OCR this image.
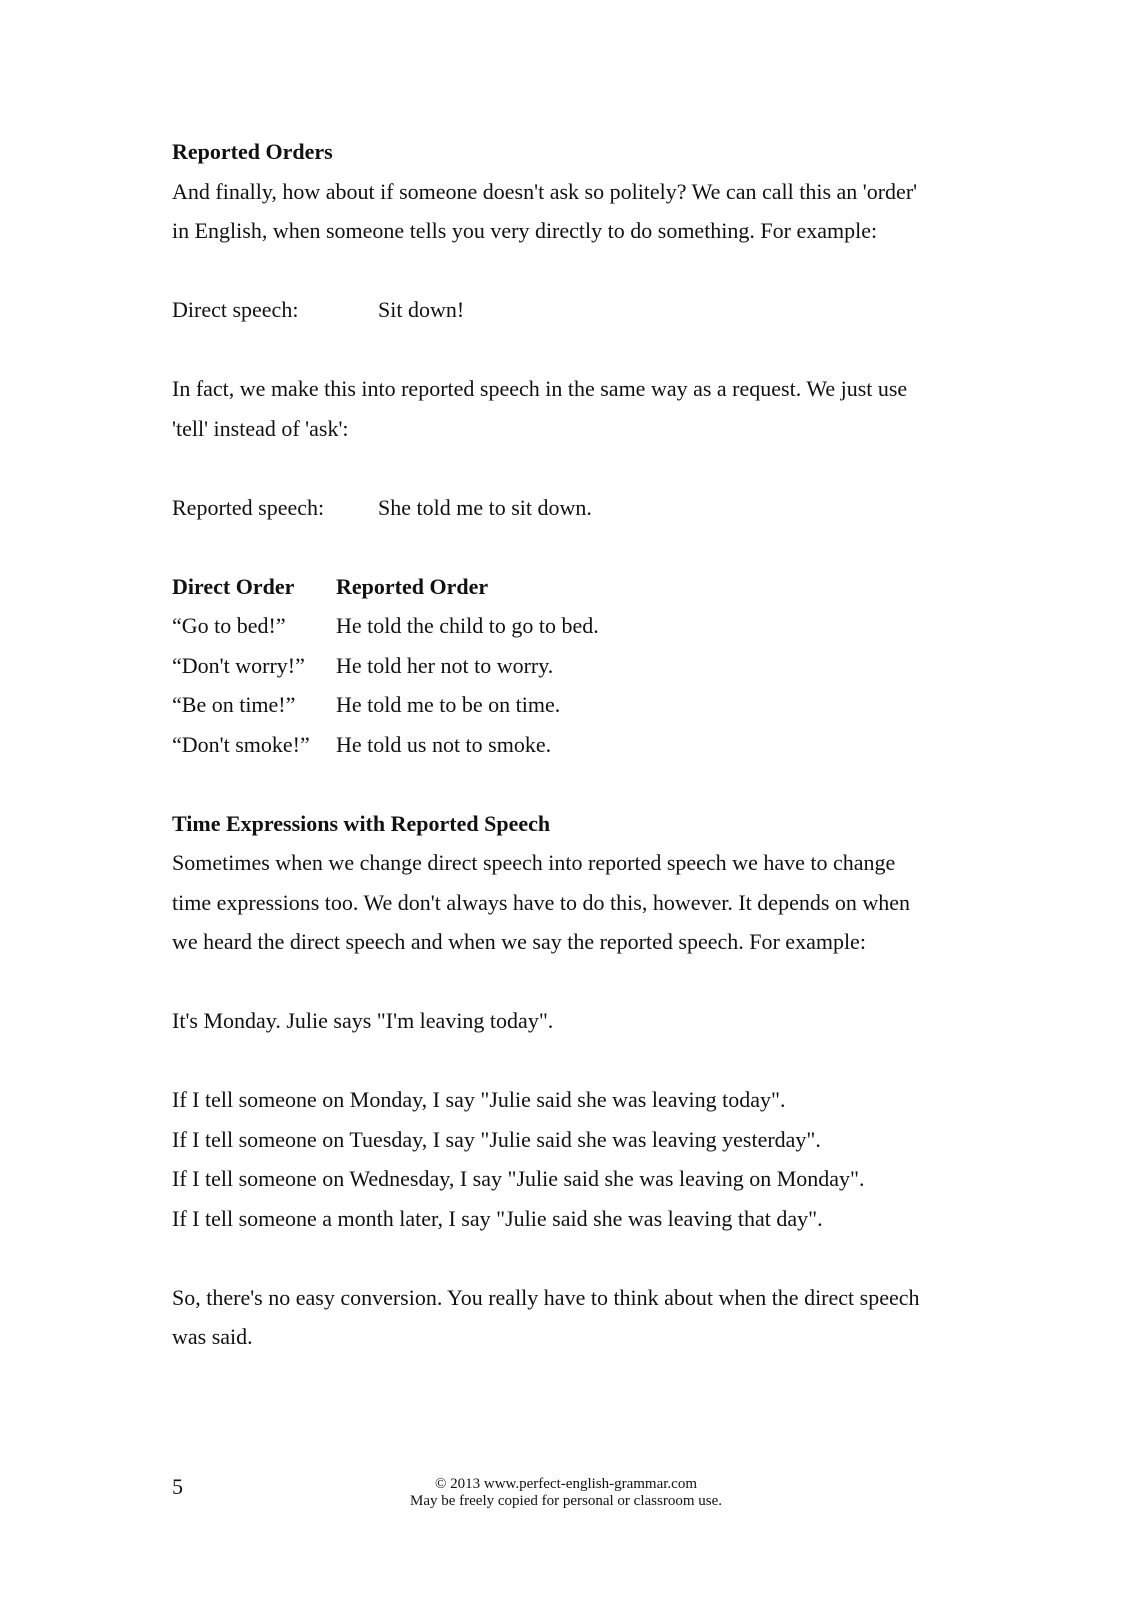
Reported Orders

And finally, how about if someone doesn't ask so politely? We can call this an 'order'

in English, when someone tells you very directly to do something. For example:

Direct speech:	Sit down!

In fact, we make this into reported speech in the same way as a request. We just use

'tell' instead of 'ask':

Reported speech:	She told me to sit down.
Direct Order	Reported Order
“Go to bed!”	He told the child to go to bed.
“Don't worry!”	He told her not to worry.
“Be on time!”	He told me to be on time.
“Don't smoke!”	He told us not to smoke.

Time Expressions with Reported Speech

Sometimes when we change direct speech into reported speech we have to change

time expressions too. We don't always have to do this, however. It depends on when

we heard the direct speech and when we say the reported speech. For example:

It's Monday. Julie says "I'm leaving today".

If I tell someone on Monday, I say "Julie said she was leaving today".

If I tell someone on Tuesday, I say "Julie said she was leaving yesterday".

If I tell someone on Wednesday, I say "Julie said she was leaving on Monday".

If I tell someone a month later, I say "Julie said she was leaving that day".

So, there's no easy conversion. You really have to think about when the direct speech

was said.

5	© 2013 www.perfect-english-grammar.com
May be freely copied for personal or classroom use.
